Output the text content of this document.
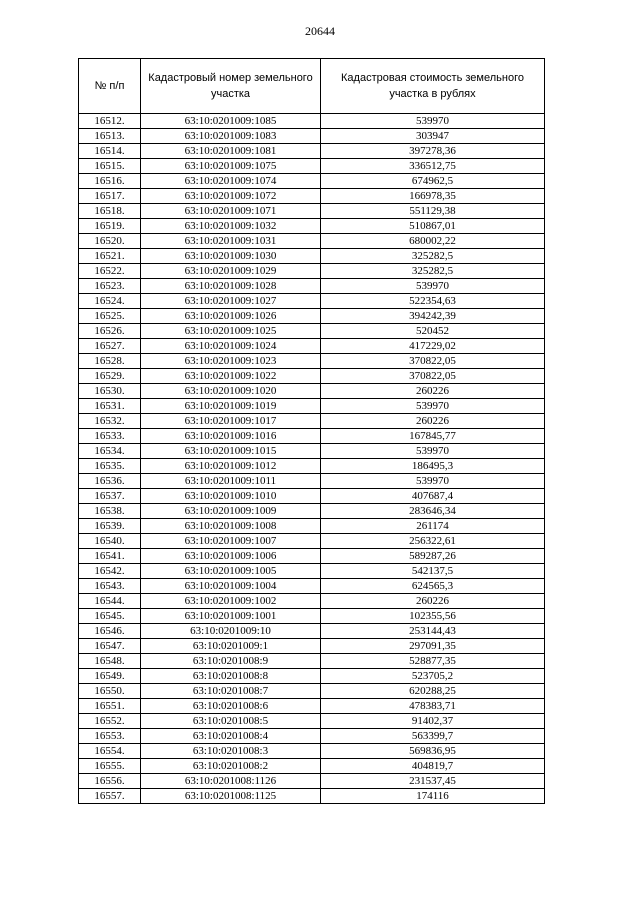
20644
№ п/п	Кадастровый номер земельного участка	Кадастровая стоимость земельного участка в рублях
16512.	63:10:0201009:1085	539970
16513.	63:10:0201009:1083	303947
16514.	63:10:0201009:1081	397278,36
16515.	63:10:0201009:1075	336512,75
16516.	63:10:0201009:1074	674962,5
16517.	63:10:0201009:1072	166978,35
16518.	63:10:0201009:1071	551129,38
16519.	63:10:0201009:1032	510867,01
16520.	63:10:0201009:1031	680002,22
16521.	63:10:0201009:1030	325282,5
16522.	63:10:0201009:1029	325282,5
16523.	63:10:0201009:1028	539970
16524.	63:10:0201009:1027	522354,63
16525.	63:10:0201009:1026	394242,39
16526.	63:10:0201009:1025	520452
16527.	63:10:0201009:1024	417229,02
16528.	63:10:0201009:1023	370822,05
16529.	63:10:0201009:1022	370822,05
16530.	63:10:0201009:1020	260226
16531.	63:10:0201009:1019	539970
16532.	63:10:0201009:1017	260226
16533.	63:10:0201009:1016	167845,77
16534.	63:10:0201009:1015	539970
16535.	63:10:0201009:1012	186495,3
16536.	63:10:0201009:1011	539970
16537.	63:10:0201009:1010	407687,4
16538.	63:10:0201009:1009	283646,34
16539.	63:10:0201009:1008	261174
16540.	63:10:0201009:1007	256322,61
16541.	63:10:0201009:1006	589287,26
16542.	63:10:0201009:1005	542137,5
16543.	63:10:0201009:1004	624565,3
16544.	63:10:0201009:1002	260226
16545.	63:10:0201009:1001	102355,56
16546.	63:10:0201009:10	253144,43
16547.	63:10:0201009:1	297091,35
16548.	63:10:0201008:9	528877,35
16549.	63:10:0201008:8	523705,2
16550.	63:10:0201008:7	620288,25
16551.	63:10:0201008:6	478383,71
16552.	63:10:0201008:5	91402,37
16553.	63:10:0201008:4	563399,7
16554.	63:10:0201008:3	569836,95
16555.	63:10:0201008:2	404819,7
16556.	63:10:0201008:1126	231537,45
16557.	63:10:0201008:1125	174116
